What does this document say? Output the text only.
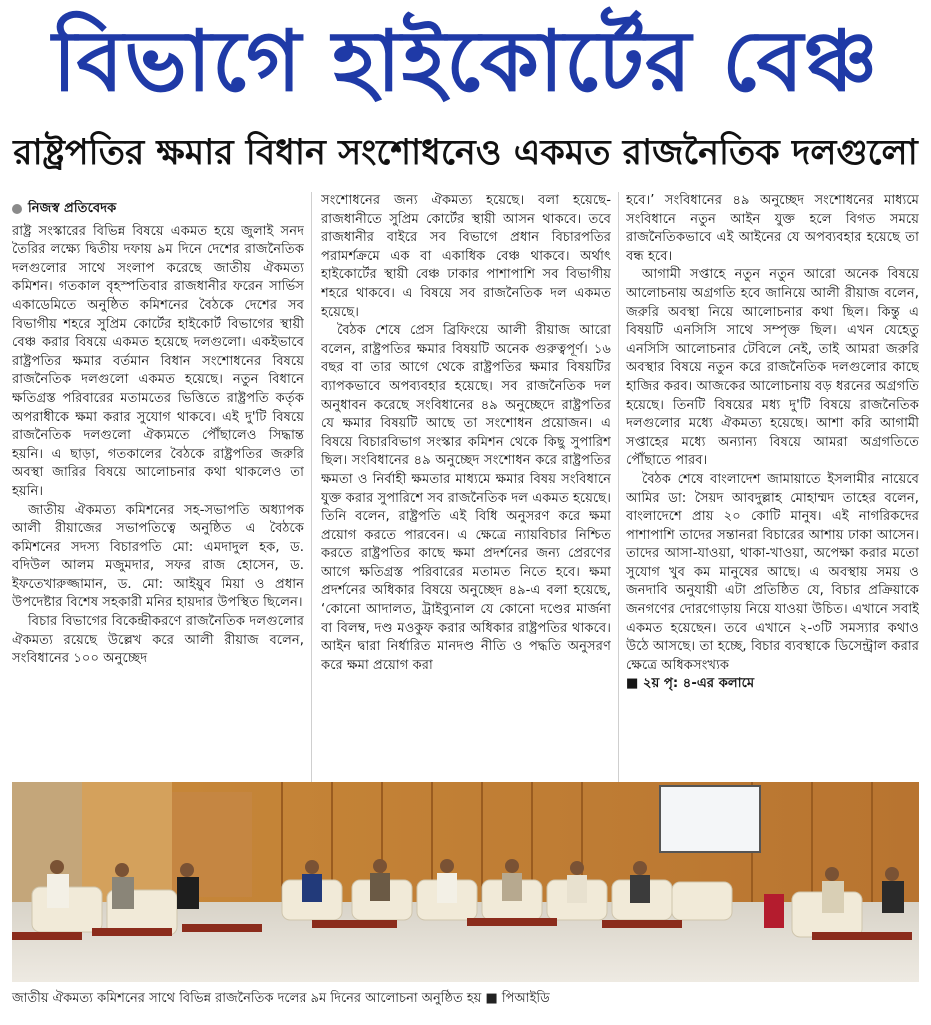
বিভাগে হাইকোর্টের বেঞ্চ
রাষ্ট্রপতির ক্ষমার বিধান সংশোধনেও একমত রাজনৈতিক দলগুলো
নিজস্ব প্রতিবেদক

রাষ্ট্র সংস্কারের বিভিন্ন বিষয়ে একমত হয়ে জুলাই সনদ তৈরির লক্ষ্যে দ্বিতীয় দফায় ৯ম দিনে দেশের রাজনৈতিক দলগুলোর সাথে সংলাপ করেছে জাতীয় ঐকমত্য কমিশন। গতকাল বৃহস্পতিবার রাজধানীর ফরেন সার্ভিস একাডেমিতে অনুষ্ঠিত কমিশনের বৈঠকে দেশের সব বিভাগীয় শহরে সুপ্রিম কোর্টের হাইকোর্ট বিভাগের স্থায়ী বেঞ্চ করার বিষয়ে একমত হয়েছে দলগুলো। একইভাবে রাষ্ট্রপতির ক্ষমার বর্তমান বিধান সংশোধনের বিষয়ে রাজনৈতিক দলগুলো একমত হয়েছে। নতুন বিধানে ক্ষতিগ্রস্ত পরিবারের মতামতের ভিত্তিতে রাষ্ট্রপতি কর্তৃক অপরাধীকে ক্ষমা করার সুযোগ থাকবে। এই দু'টি বিষয়ে রাজনৈতিক দলগুলো ঐক্যমতে পৌঁছালেও সিদ্ধান্ত হয়নি। এ ছাড়া, গতকালের বৈঠকে রাষ্ট্রপতির জরুরি অবস্থা জারির বিষয়ে আলোচনার কথা থাকলেও তা হয়নি।

জাতীয় ঐকমত্য কমিশনের সহ-সভাপতি অধ্যাপক আলী রীয়াজের সভাপতিত্বে অনুষ্ঠিত এ বৈঠকে কমিশনের সদস্য বিচারপতি মো: এমদাদুল হক, ড. বদিউল আলম মজুমদার, সফর রাজ হোসেন, ড. ইফতেখারুজ্জামান, ড. মো: আইয়ুব মিয়া ও প্রধান উপদেষ্টার বিশেষ সহকারী মনির হায়দার উপস্থিত ছিলেন।

বিচার বিভাগের বিকেন্দ্রীকরণে রাজনৈতিক দলগুলোর ঐকমত্য রয়েছে উল্লেখ করে আলী রীয়াজ বলেন, সংবিধানের ১০০ অনুচ্ছেদ

সংশোধনের জন্য ঐকমত্য হয়েছে। বলা হয়েছে- রাজধানীতে সুপ্রিম কোর্টের স্থায়ী আসন থাকবে। তবে রাজধানীর বাইরে সব বিভাগে প্রধান বিচারপতির পরামর্শক্রমে এক বা একাধিক বেঞ্চ থাকবে। অর্থাৎ হাইকোর্টের স্থায়ী বেঞ্চ ঢাকার পাশাপাশি সব বিভাগীয় শহরে থাকবে। এ বিষয়ে সব রাজনৈতিক দল একমত হয়েছে।

বৈঠক শেষে প্রেস ব্রিফিংয়ে আলী রীয়াজ আরো বলেন, রাষ্ট্রপতির ক্ষমার বিষয়টি অনেক গুরুত্বপূর্ণ। ১৬ বছর বা তার আগে থেকে রাষ্ট্রপতির ক্ষমার বিষয়টির ব্যাপকভাবে অপব্যবহার হয়েছে। সব রাজনৈতিক দল অনুধাবন করেছে সংবিধানের ৪৯ অনুচ্ছেদে রাষ্ট্রপতির যে ক্ষমার বিষয়টি আছে তা সংশোধন প্রয়োজন। এ বিষয়ে বিচারবিভাগ সংস্কার কমিশন থেকে কিছু সুপারিশ ছিল। সংবিধানের ৪৯ অনুচ্ছেদ সংশোধন করে রাষ্ট্রপতির ক্ষমতা ও নির্বাহী ক্ষমতার মাধ্যমে ক্ষমার বিষয় সংবিধানে যুক্ত করার সুপারিশে সব রাজনৈতিক দল একমত হয়েছে। তিনি বলেন, রাষ্ট্রপতি এই বিধি অনুসরণ করে ক্ষমা প্রয়োগ করতে পারবেন। এ ক্ষেত্রে ন্যায়বিচার নিশ্চিত করতে রাষ্ট্রপতির কাছে ক্ষমা প্রদর্শনের জন্য প্রেরণের আগে ক্ষতিগ্রস্ত পরিবারের মতামত নিতে হবে। ক্ষমা প্রদর্শনের অধিকার বিষয়ে অনুচ্ছেদ ৪৯-এ বলা হয়েছে, ‘কোনো আদালত, ট্রাইব্যুনাল যে কোনো দণ্ডের মার্জনা বা বিলম্ব, দণ্ড মওকুফ করার অধিকার রাষ্ট্রপতির থাকবে। আইন দ্বারা নির্ধারিত মানদণ্ড নীতি ও পদ্ধতি অনুসরণ করে ক্ষমা প্রয়োগ করা

হবে।’ সংবিধানের ৪৯ অনুচ্ছেদ সংশোধনের মাধ্যমে সংবিধানে নতুন আইন যুক্ত হলে বিগত সময়ে রাজনৈতিকভাবে এই আইনের যে অপব্যবহার হয়েছে তা বন্ধ হবে।

আগামী সপ্তাহে নতুন নতুন আরো অনেক বিষয়ে আলোচনায় অগ্রগতি হবে জানিয়ে আলী রীয়াজ বলেন, জরুরি অবস্থা নিয়ে আলোচনার কথা ছিল। কিন্তু এ বিষয়টি এনসিসি সাথে সম্পৃক্ত ছিল। এখন যেহেতু এনসিসি আলোচনার টেবিলে নেই, তাই আমরা জরুরি অবস্থার বিষয়ে নতুন করে রাজনৈতিক দলগুলোর কাছে হাজির করব। আজকের আলোচনায় বড় ধরনের অগ্রগতি হয়েছে। তিনটি বিষয়ের মধ্য দু'টি বিষয়ে রাজনৈতিক দলগুলোর মধ্যে ঐকমত্য হয়েছে। আশা করি আগামী সপ্তাহের মধ্যে অন্যান্য বিষয়ে আমরা অগ্রগতিতে পৌঁছাতে পারব।

বৈঠক শেষে বাংলাদেশ জামায়াতে ইসলামীর নায়েবে আমির ডা: সৈয়দ আবদুল্লাহ মোহাম্মদ তাহের বলেন, বাংলাদেশে প্রায় ২০ কোটি মানুষ। এই নাগরিকদের পাশাপাশি তাদের সন্তানরা বিচারের আশায় ঢাকা আসেন। তাদের আসা-যাওয়া, থাকা-খাওয়া, অপেক্ষা করার মতো সুযোগ খুব কম মানুষের আছে। এ অবস্থায় সময় ও জনদাবি অনুযায়ী এটা প্রতিষ্ঠিত যে, বিচার প্রক্রিয়াকে জনগণের দোরগোড়ায় নিয়ে যাওয়া উচিত। এখানে সবাই একমত হয়েছেন। তবে এখানে ২-৩টি সমস্যার কথাও উঠে আসছে। তা হচ্ছে, বিচার ব্যবস্থাকে ডিসেন্ট্রাল করার ক্ষেত্রে অধিকসংখ্যক

■ ২য় পৃ: ৪-এর কলামে

জাতীয় ঐকমত্য কমিশনের সাথে বিভিন্ন রাজনৈতিক দলের ৯ম দিনের আলোচনা অনুষ্ঠিত হয় ■ পিআইডি
